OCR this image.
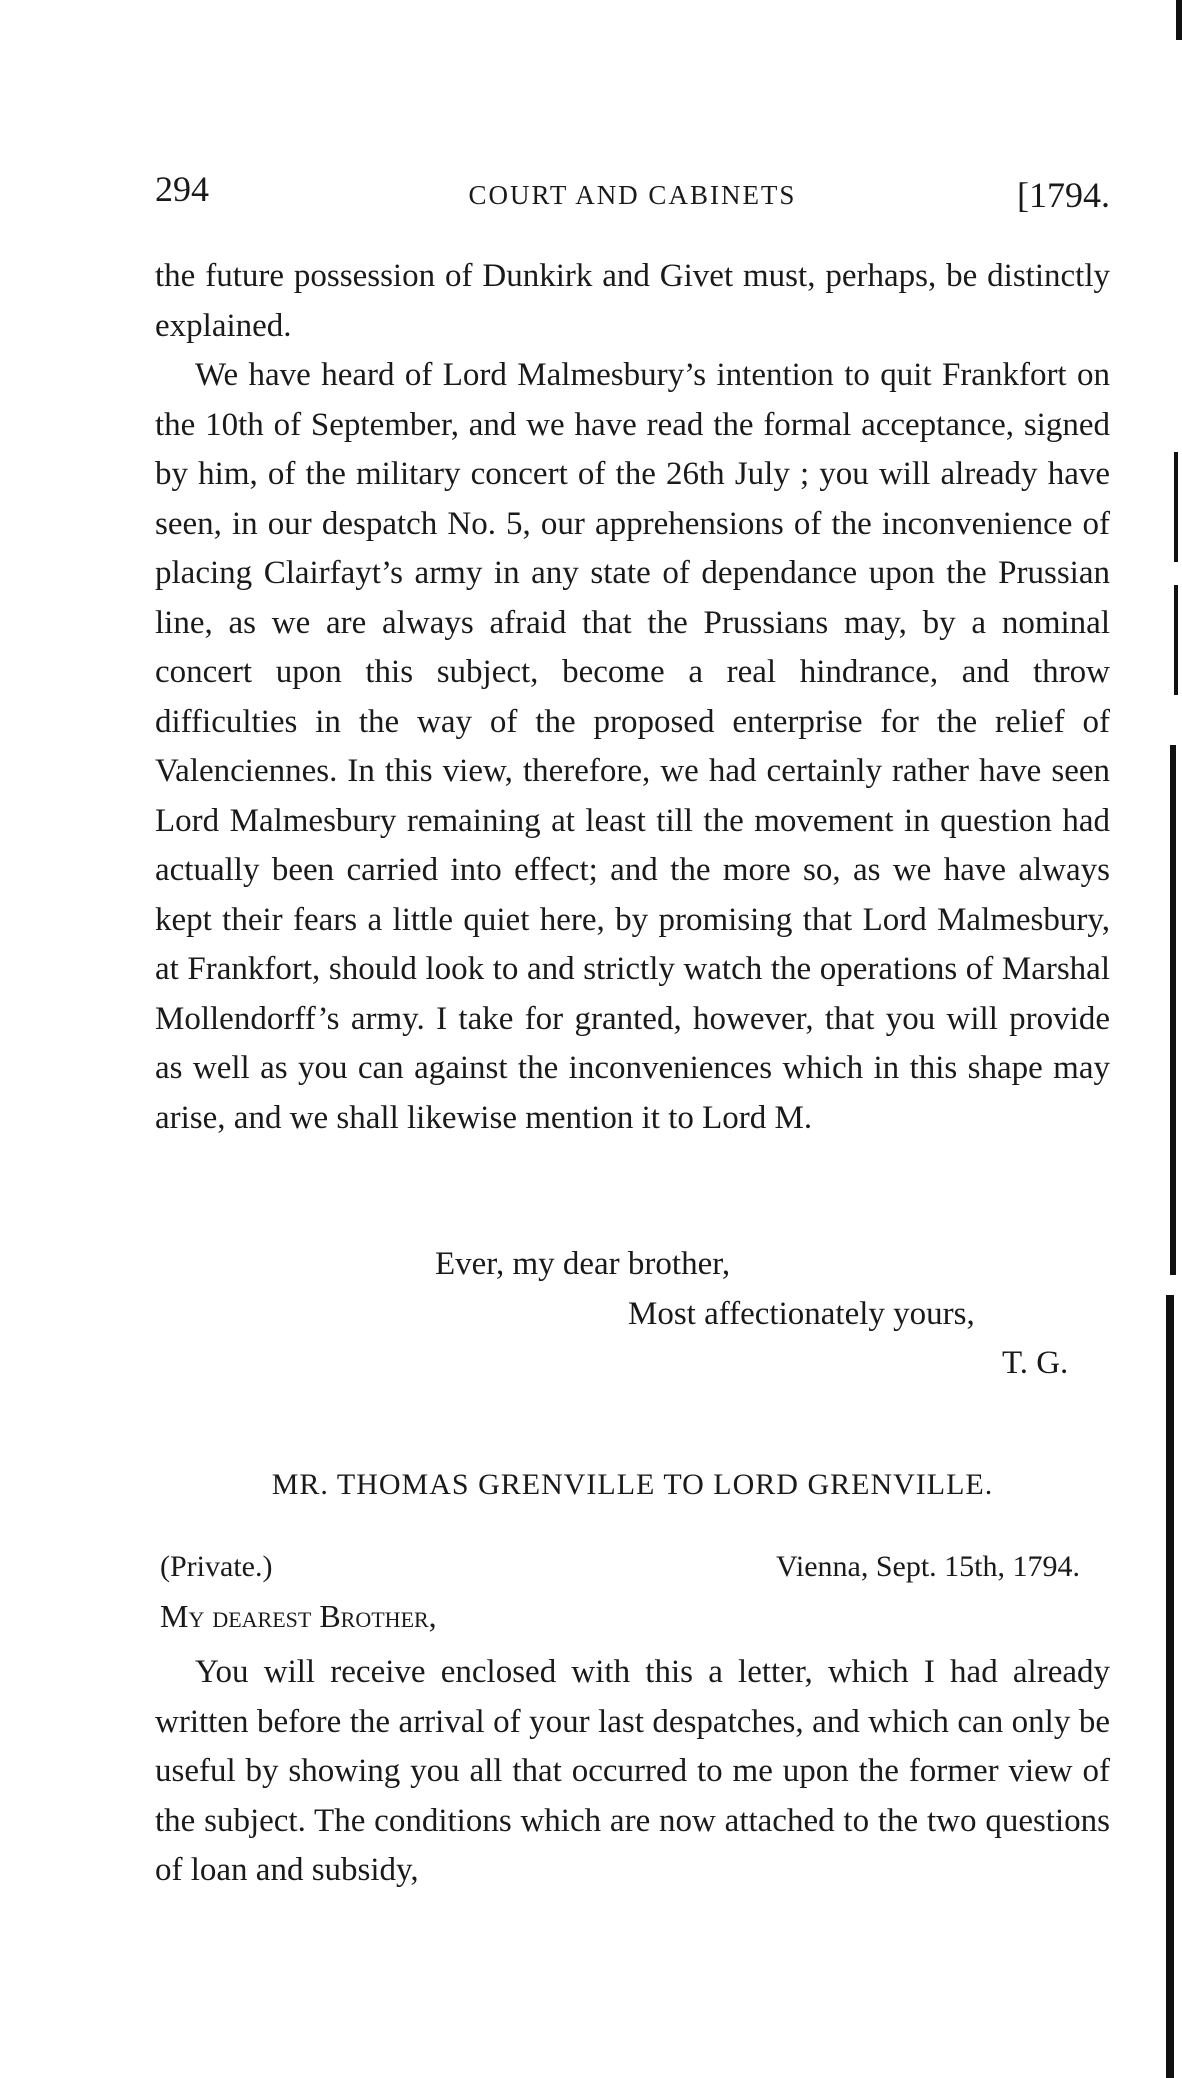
294	COURT AND CABINETS	[1794.

the future possession of Dunkirk and Givet must, perhaps, be distinctly explained.

We have heard of Lord Malmesbury’s intention to quit Frankfort on the 10th of September, and we have read the formal acceptance, signed by him, of the military concert of the 26th July ; you will already have seen, in our despatch No. 5, our apprehensions of the inconvenience of placing Clairfayt’s army in any state of dependance upon the Prussian line, as we are always afraid that the Prussians may, by a nominal concert upon this subject, become a real hindrance, and throw difficulties in the way of the proposed enterprise for the relief of Valenciennes. In this view, therefore, we had certainly rather have seen Lord Malmesbury remaining at least till the movement in question had actually been carried into effect; and the more so, as we have always kept their fears a little quiet here, by promising that Lord Malmesbury, at Frankfort, should look to and strictly watch the operations of Marshal Mollendorff’s army. I take for granted, however, that you will provide as well as you can against the inconveniences which in this shape may arise, and we shall likewise mention it to Lord M.

Ever, my dear brother,
Most affectionately yours,
T. G.
MR. THOMAS GRENVILLE TO LORD GRENVILLE.
(Private.)	Vienna, Sept. 15th, 1794.
My dearest Brother,

You will receive enclosed with this a letter, which I had already written before the arrival of your last despatches, and which can only be useful by showing you all that occurred to me upon the former view of the subject. The conditions which are now attached to the two questions of loan and subsidy,
